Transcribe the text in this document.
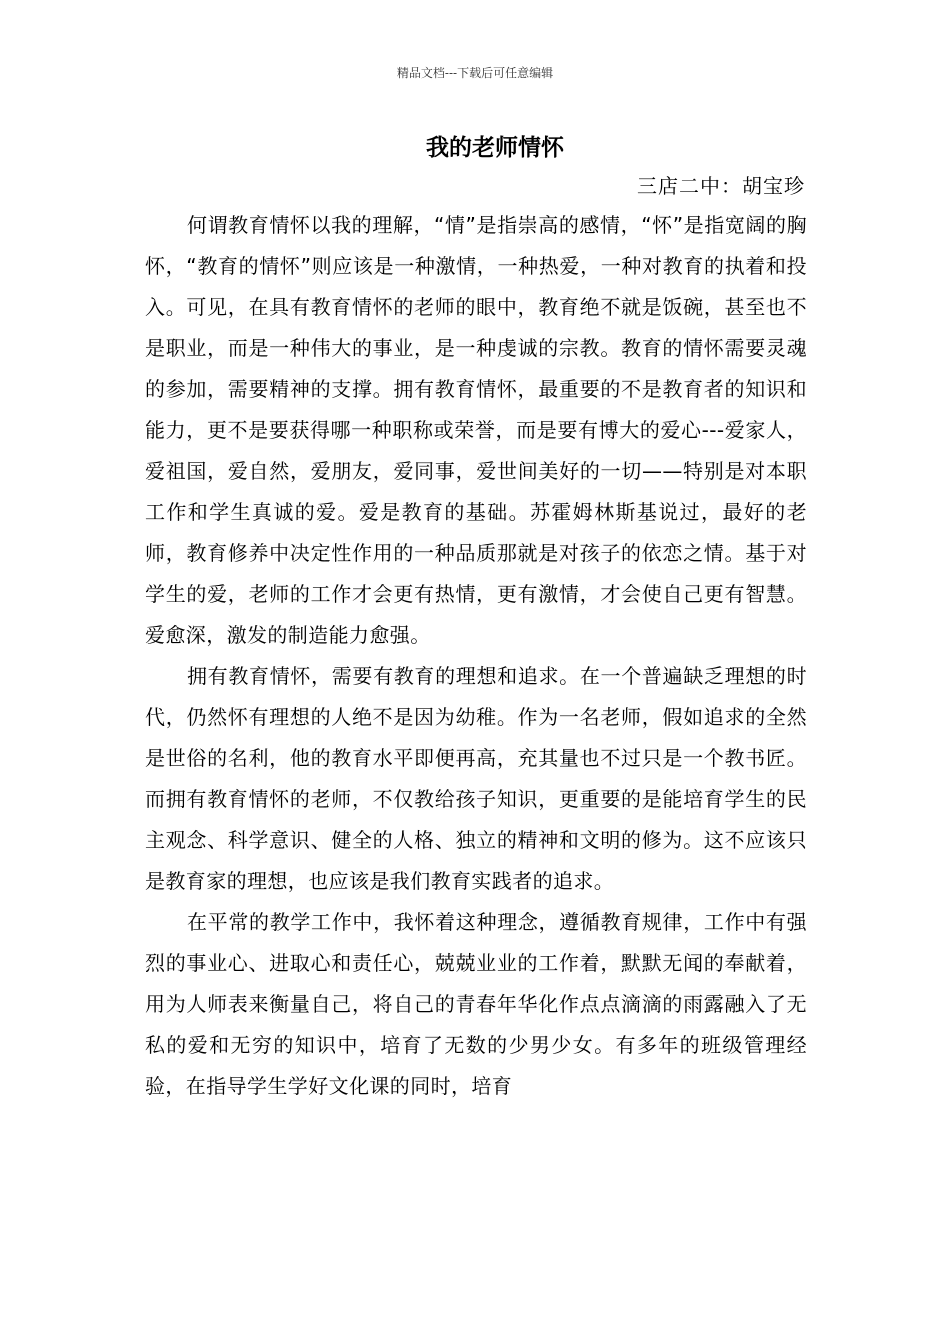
精品文档---下载后可任意编辑
我的老师情怀
三店二中：胡宝珍

何谓教育情怀以我的理解，“情”是指崇高的感情，“怀”是指宽阔的胸怀，“教育的情怀”则应该是一种激情，一种热爱，一种对教育的执着和投入。可见，在具有教育情怀的老师的眼中，教育绝不就是饭碗，甚至也不是职业，而是一种伟大的事业，是一种虔诚的宗教。教育的情怀需要灵魂的参加，需要精神的支撑。拥有教育情怀，最重要的不是教育者的知识和能力，更不是要获得哪一种职称或荣誉，而是要有博大的爱心---爱家人，爱祖国，爱自然，爱朋友，爱同事，爱世间美好的一切——特别是对本职工作和学生真诚的爱。爱是教育的基础。苏霍姆林斯基说过，最好的老师，教育修养中决定性作用的一种品质那就是对孩子的依恋之情。基于对学生的爱，老师的工作才会更有热情，更有激情，才会使自己更有智慧。爱愈深，激发的制造能力愈强。

拥有教育情怀，需要有教育的理想和追求。在一个普遍缺乏理想的时代，仍然怀有理想的人绝不是因为幼稚。作为一名老师，假如追求的全然是世俗的名利，他的教育水平即便再高，充其量也不过只是一个教书匠。而拥有教育情怀的老师，不仅教给孩子知识，更重要的是能培育学生的民主观念、科学意识、健全的人格、独立的精神和文明的修为。这不应该只是教育家的理想，也应该是我们教育实践者的追求。

在平常的教学工作中，我怀着这种理念，遵循教育规律，工作中有强烈的事业心、进取心和责任心，兢兢业业的工作着，默默无闻的奉献着，用为人师表来衡量自己，将自己的青春年华化作点点滴滴的雨露融入了无私的爱和无穷的知识中，培育了无数的少男少女。有多年的班级管理经验，在指导学生学好文化课的同时，培育
